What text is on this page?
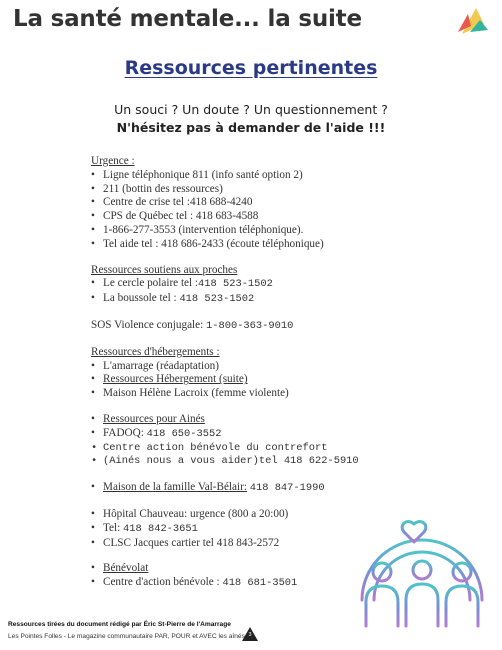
La santé mentale... la suite
Ressources pertinentes
Un souci ? Un doute ? Un questionnement ?
N'hésitez pas à demander de l'aide !!!
Urgence :
• Ligne téléphonique 811 (info santé option 2)
• 211 (bottin des ressources)
• Centre de crise tel :418 688-4240
• CPS de Québec tel : 418 683-4588
• 1-866-277-3553 (intervention téléphonique).
• Tel aide tel : 418 686-2433 (écoute téléphonique)
Ressources soutiens aux proches
• Le cercle polaire tel :418 523-1502
• La boussole tel : 418 523-1502
SOS Violence conjugale: 1-800-363-9010
Ressources d'hébergements :
• L'amarrage (réadaptation)
• Ressources Hébergement (suite)
• Maison Hélène Lacroix (femme violente)
• Ressources pour Ainés
• FADOQ: 418 650-3552
• Centre action bénévole du contrefort
• (Ainés nous a vous aider)tel 418 622-5910
• Maison de la famille Val-Bélair: 418 847-1990
• Hôpital Chauveau: urgence (800 a 20:00)
• Tel: 418 842-3651
• CLSC Jacques cartier tel 418 843-2572
• Bénévolat
• Centre d'action bénévole : 418 681-3501
Ressources tirées du document rédigé par Éric St-Pierre de l'Amarrage
Les Pointes Folles - Le magazine communautaire PAR, POUR et AVEC les aînés 3
